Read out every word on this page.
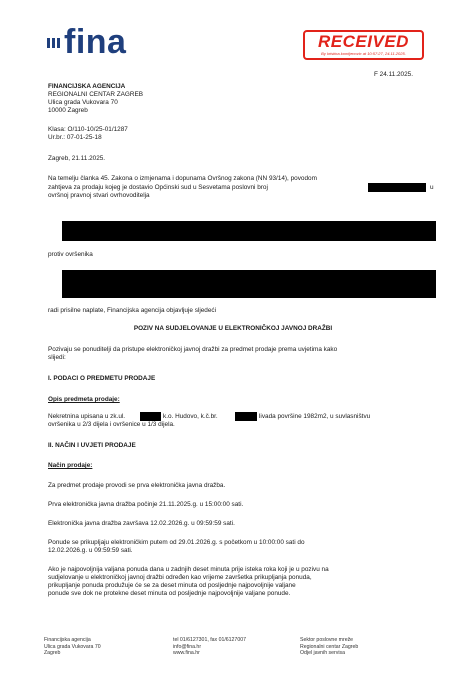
fina	RECEIVED
By kristina.komljenovic at 10:57:27, 24.11.2025.
F 24.11.2025.
FINANCIJSKA AGENCIJA
REGIONALNI CENTAR ZAGREB
Ulica grada Vukovara 70
10000 Zagreb
Klasa: O/110-10/25-01/1287
Ur.br.: 07-01-25-18
Zagreb, 21.11.2025.
Na temelju članka 45. Zakona o izmjenama i dopunama Ovršnog zakona (NN 93/14), povodom
zahtjeva za prodaju kojeg je dostavio Općinski sud u Sesvetama poslovni broj	u
ovršnoj pravnoj stvari ovrhovoditelja
protiv ovršenika
radi prisilne naplate, Financijska agencija objavljuje sljedeći
POZIV NA SUDJELOVANJE U ELEKTRONIČKOJ JAVNOJ DRAŽBI
Pozivaju se ponuditelji da pristupe elektroničkoj javnoj dražbi za predmet prodaje prema uvjetima kako
slijedi:
I. PODACI O PREDMETU PRODAJE
Opis predmeta prodaje:
Nekretnina upisana u zk.ul.	k.o. Hudovo, k.č.br.	livada površine 1982m2, u suvlasništvu
ovršenika u 2/3 dijela i ovršenice u 1/3 dijela.
II. NAČIN I UVJETI PRODAJE
Način prodaje:
Za predmet prodaje provodi se prva elektronička javna dražba.
Prva elektronička javna dražba počinje 21.11.2025.g. u 15:00:00 sati.
Elektronička javna dražba završava 12.02.2026.g. u 09:59:59 sati.
Ponude se prikupljaju elektroničkim putem od 29.01.2026.g. s početkom u 10:00:00 sati do
12.02.2026.g. u 09:59:59 sati.
Ako je najpovoljnija valjana ponuda dana u zadnjih deset minuta prije isteka roka koji je u pozivu na
sudjelovanje u elektroničkoj javnoj dražbi određen kao vrijeme završetka prikupljanja ponuda,
prikupljanje ponuda produžuje će se za deset minuta od posljednje najpovoljnije valjane
ponude sve dok ne protekne deset minuta od posljednje najpovoljnije valjane ponude.
Financijska agencija
Ulica grada Vukovara 70
Zagreb
tel 01/6127301, fax 01/6127007
info@fina.hr
www.fina.hr
Sektor poslovne mreže
Regionalni centar Zagreb
Odjel javnih servisa
